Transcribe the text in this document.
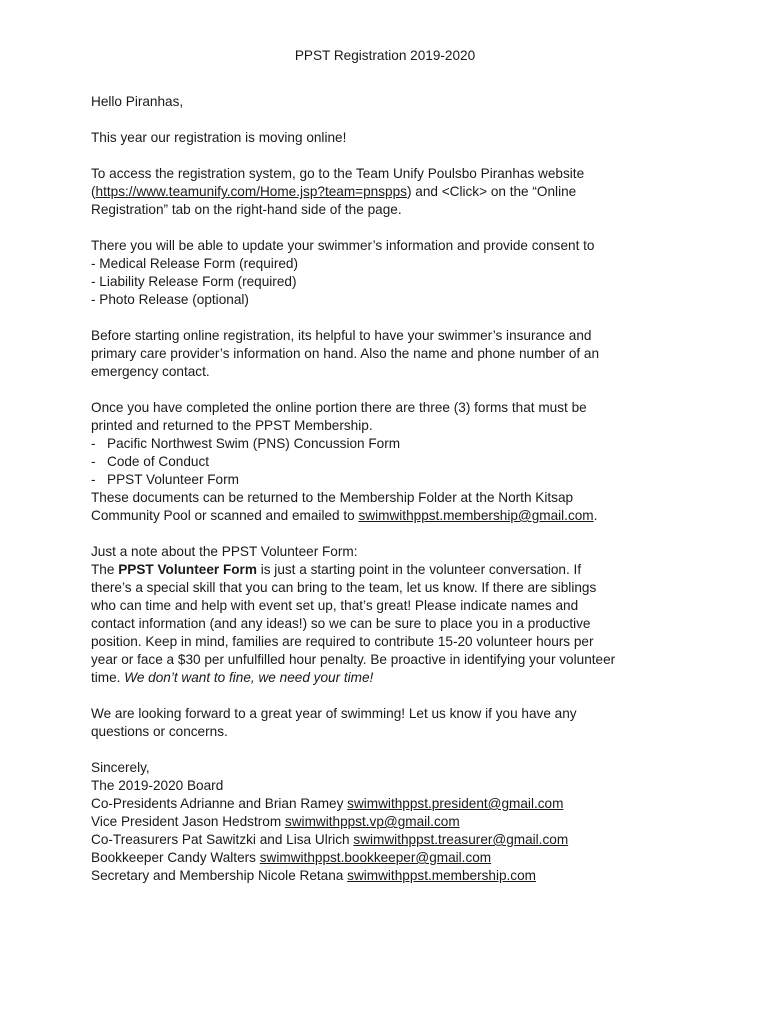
PPST Registration 2019-2020
Hello Piranhas,
This year our registration is moving online!
To access the registration system, go to the Team Unify Poulsbo Piranhas website
(https://www.teamunify.com/Home.jsp?team=pnspps) and <Click> on the “Online
Registration” tab on the right-hand side of the page.
There you will be able to update your swimmer’s information and provide consent to
- Medical Release Form (required)
- Liability Release Form (required)
- Photo Release (optional)
Before starting online registration, its helpful to have your swimmer’s insurance and
primary care provider’s information on hand. Also the name and phone number of an
emergency contact.
Once you have completed the online portion there are three (3) forms that must be
printed and returned to the PPST Membership.
- Pacific Northwest Swim (PNS) Concussion Form
- Code of Conduct
- PPST Volunteer Form
These documents can be returned to the Membership Folder at the North Kitsap
Community Pool or scanned and emailed to swimwithppst.membership@gmail.com.
Just a note about the PPST Volunteer Form:
The PPST Volunteer Form is just a starting point in the volunteer conversation. If
there’s a special skill that you can bring to the team, let us know. If there are siblings
who can time and help with event set up, that’s great! Please indicate names and
contact information (and any ideas!) so we can be sure to place you in a productive
position. Keep in mind, families are required to contribute 15-20 volunteer hours per
year or face a $30 per unfulfilled hour penalty. Be proactive in identifying your volunteer
time. We don’t want to fine, we need your time!
We are looking forward to a great year of swimming! Let us know if you have any
questions or concerns.
Sincerely,
The 2019-2020 Board
Co-Presidents Adrianne and Brian Ramey swimwithppst.president@gmail.com
Vice President Jason Hedstrom swimwithppst.vp@gmail.com
Co-Treasurers Pat Sawitzki and Lisa Ulrich swimwithppst.treasurer@gmail.com
Bookkeeper Candy Walters swimwithppst.bookkeeper@gmail.com
Secretary and Membership Nicole Retana swimwithppst.membership.com
